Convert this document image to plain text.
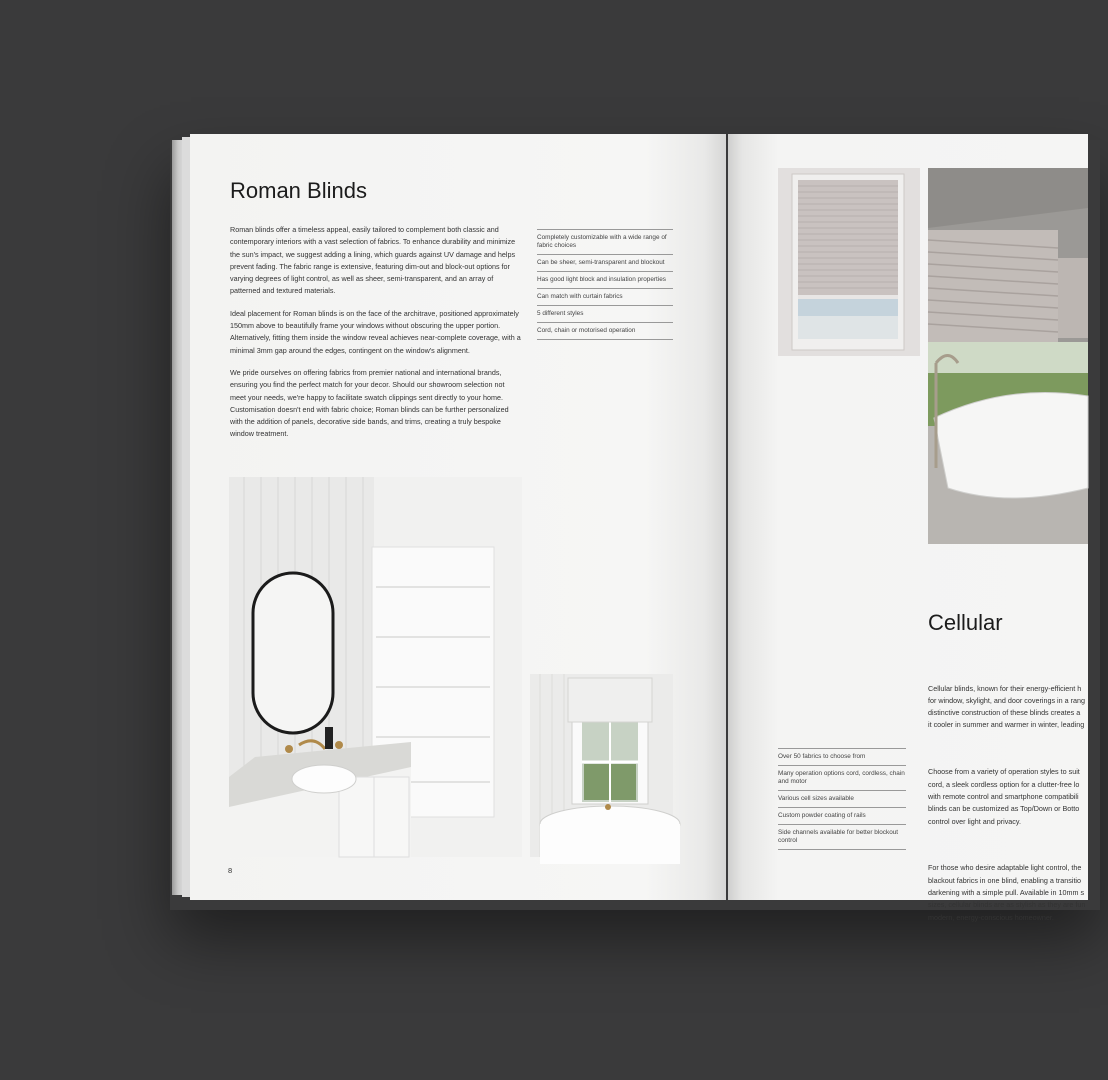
Roman Blinds

Roman blinds offer a timeless appeal, easily tailored to complement both classic and contemporary interiors with a vast selection of fabrics. To enhance durability and minimize the sun's impact, we suggest adding a lining, which guards against UV damage and helps prevent fading. The fabric range is extensive, featuring dim-out and block-out options for varying degrees of light control, as well as sheer, semi-transparent, and an array of patterned and textured materials.

Ideal placement for Roman blinds is on the face of the architrave, positioned approximately 150mm above to beautifully frame your windows without obscuring the upper portion. Alternatively, fitting them inside the window reveal achieves near-complete coverage, with a minimal 3mm gap around the edges, contingent on the window's alignment.

We pride ourselves on offering fabrics from premier national and international brands, ensuring you find the perfect match for your decor. Should our showroom selection not meet your needs, we're happy to facilitate swatch clippings sent directly to your home. Customisation doesn't end with fabric choice; Roman blinds can be further personalized with the addition of panels, decorative side bands, and trims, creating a truly bespoke window treatment.

Completely customizable with a wide range of fabric choices
Can be sheer, semi-transparent and blockout
Has good light block and insulation properties
Can match with curtain fabrics
5 different styles
Cord, chain or motorised operation
8
Cellular

Cellular blinds, known for their energy-efficient h
for window, skylight, and door coverings in a rang
distinctive construction of these blinds creates a
it cooler in summer and warmer in winter, leading

Choose from a variety of operation styles to suit
cord, a sleek cordless option for a clutter-free lo
with remote control and smartphone compatibili
blinds can be customized as Top/Down or Botto
control over light and privacy.

For those who desire adaptable light control, the
blackout fabrics in one blind, enabling a transitio
darkening with a simple pull. Available in 10mm s
sizes, cellular blinds are as stylish as they are fun
modern, energy-conscious homeowner.

Over 50 fabrics to choose from
Many operation options cord, cordless, chain and motor
Various cell sizes available
Custom powder coating of rails
Side channels available for better blockout control
